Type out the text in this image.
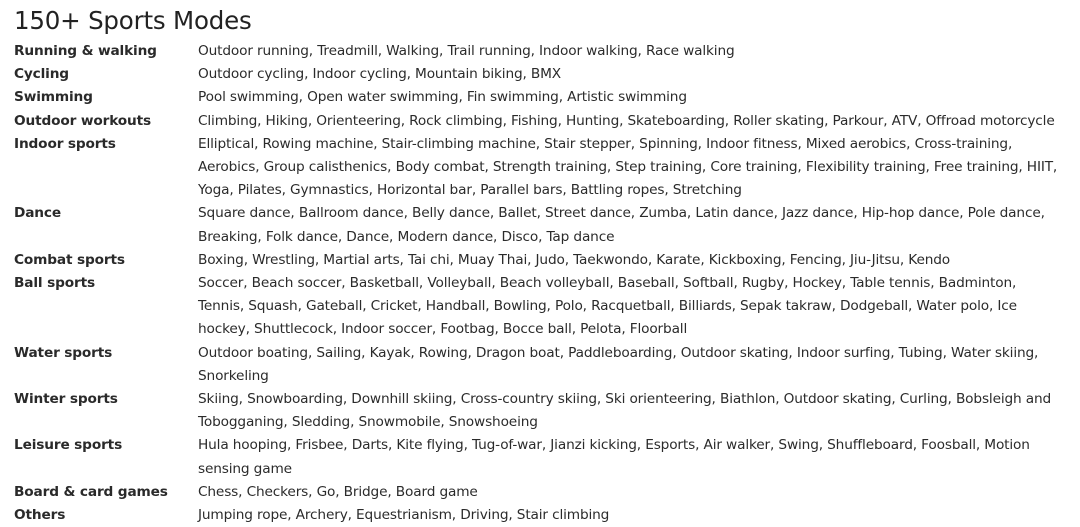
150+ Sports Modes
Running & walking	Outdoor running, Treadmill, Walking, Trail running, Indoor walking, Race walking
Cycling	Outdoor cycling, Indoor cycling, Mountain biking, BMX
Swimming	Pool swimming, Open water swimming, Fin swimming, Artistic swimming
Outdoor workouts	Climbing, Hiking, Orienteering, Rock climbing, Fishing, Hunting, Skateboarding, Roller skating, Parkour, ATV, Offroad motorcycle
Indoor sports	Elliptical, Rowing machine, Stair-climbing machine, Stair stepper, Spinning, Indoor fitness, Mixed aerobics, Cross-training, Aerobics, Group calisthenics, Body combat, Strength training, Step training, Core training, Flexibility training, Free training, HIIT, Yoga, Pilates, Gymnastics, Horizontal bar, Parallel bars, Battling ropes, Stretching
Dance	Square dance, Ballroom dance, Belly dance, Ballet, Street dance, Zumba, Latin dance, Jazz dance, Hip-hop dance, Pole dance, Breaking, Folk dance, Dance, Modern dance, Disco, Tap dance
Combat sports	Boxing, Wrestling, Martial arts, Tai chi, Muay Thai, Judo, Taekwondo, Karate, Kickboxing, Fencing, Jiu-Jitsu, Kendo
Ball sports	Soccer, Beach soccer, Basketball, Volleyball, Beach volleyball, Baseball, Softball, Rugby, Hockey, Table tennis, Badminton, Tennis, Squash, Gateball, Cricket, Handball, Bowling, Polo, Racquetball, Billiards, Sepak takraw, Dodgeball, Water polo, Ice hockey, Shuttlecock, Indoor soccer, Footbag, Bocce ball, Pelota, Floorball
Water sports	Outdoor boating, Sailing, Kayak, Rowing, Dragon boat, Paddleboarding, Outdoor skating, Indoor surfing, Tubing, Water skiing, Snorkeling
Winter sports	Skiing, Snowboarding, Downhill skiing, Cross-country skiing, Ski orienteering, Biathlon, Outdoor skating, Curling, Bobsleigh and Tobogganing, Sledding, Snowmobile, Snowshoeing
Leisure sports	Hula hooping, Frisbee, Darts, Kite flying, Tug-of-war, Jianzi kicking, Esports, Air walker, Swing, Shuffleboard, Foosball, Motion sensing game
Board & card games	Chess, Checkers, Go, Bridge, Board game
Others	Jumping rope, Archery, Equestrianism, Driving, Stair climbing
